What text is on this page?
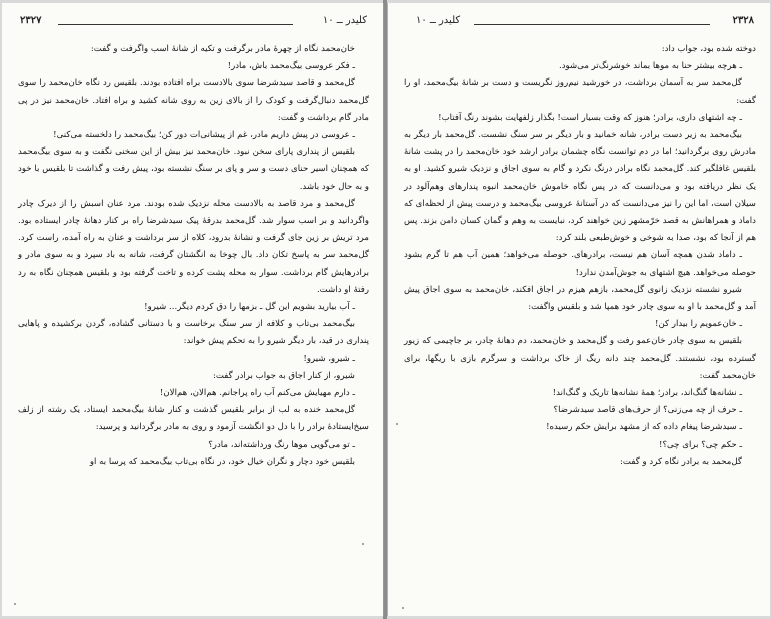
۲۳۲۷	کلیدر ــ ۱۰

خان‌محمد نگاه از چهرهٔ مادر برگرفت و تکیه از شانهٔ اسب واگرفت و گفت:

ـ فکر عروسی بیگ‌محمد باش، مادر!

گل‌محمد و قاصد سیدشرضا سوی بالادست براه افتاده بودند. بلقیس رد نگاه خان‌محمد را سوی گل‌محمد دنبال‌گرفت و کودک را از بالای زین به روی شانه کشید و براه افتاد. خان‌محمد نیز در پی مادر گام برداشت و گفت:

ـ عروسی در پیش داریم مادر، غم از پیشانی‌ات دور کن؛ بیگ‌محمد را دلخسته می‌کنی!

بلقیس از پنداری پارای سخن نبود. خان‌محمد نیز بیش از این سخنی نگفت و به سوی بیگ‌محمد که همچنان اسیر حنای دست و سر و پای بر سنگ نشسته بود، پیش رفت و گذاشت تا بلقیس با خود و به حال خود باشد.

گل‌محمد و مرد قاصد به بالادست محله نزدیک شده بودند. مرد عنان اسبش را از دیرک چادر واگردانید و بر اسب سوار شد. گل‌محمد بدرقهٔ پیک سیدشرضا راه بر کنار دهانهٔ چادر ایستاده بود. مرد تریش بر زین جای گرفت و نشانهٔ بدرود، کلاه از سر برداشت و عنان به راه آمده، راست کرد. گل‌محمد سر به پاسخ تکان داد. بال چوخا به انگشتان گرفت، شانه به باد سپرد و به سوی مادر و برادرهایش گام برداشت. سوار به محله پشت کرده و تاخت گرفته بود و بلقیس همچنان نگاه به رد رفتهٔ او داشت.

ـ آب بیارید بشویم این گل ـ بزمها را دق کردم دیگر... شیرو!

بیگ‌محمد بی‌تاب و کلافه از سر سنگ برخاست و با دستانی گشاده، گردن برکشیده و پاهایی پنداری در قید، بار دیگر شیرو را به تحکم پیش خواند:

ـ شیرو، شیرو!

شیرو، از کنار اجاق به جواب برادر گفت:

ـ دارم مهیایش می‌کنم آب راه پرا‌جانم. هم‌الان، هم‌الان!

گل‌محمد خنده به لب از برابر بلقیس گذشت و کنار شانهٔ بیگ‌محمد ایستاد، یک رشته از زلف سیخ‌ایستادهٔ برادر را با دل دو انگشت آزمود و روی به مادر برگردانید و پرسید:

ـ تو می‌گویی موها رنگ ورداشته‌اند، مادر؟

بلقیس خود دچار و نگران خیال خود، در نگاه بی‌تاب بیگ‌محمد که پرسا به او

کلیدر ــ ۱۰	۲۳۲۸

دوخته شده بود، جواب داد:

ـ هرچه بیشتر حنا به موها بماند خوشرنگ‌تر می‌شود.

گل‌محمد سر به آسمان برداشت، در خورشید نیم‌روز نگریست و دست بر شانهٔ بیگ‌محمد، او را گفت:

ـ چه اشتهای داری، برادر؛ هنوز که وقت بسیار است! بگذار زلفهایت بشوند رنگ آفتاب!

بیگ‌محمد به زیر دست برادر، شانه خمانید و بار دیگر بر سر سنگ نشست. گل‌محمد بار دیگر به مادرش روی برگردانید؛ اما در دم توانست نگاه چشمان برادر ارشد خود خان‌محمد را در پشت شانهٔ بلقیس غافلگیر کند. گل‌محمد نگاه برادر درنگ نکرد و گام به سوی اجاق و نزدیک شیرو کشید. او به یک نظر دریافته بود و می‌دانست که در پس نگاه خاموش خان‌محمد انبوه پندارهای وهم‌آلود در سیلان است، اما این را نیز می‌دانست که در آستانهٔ عروسی بیگ‌محمد و درست پیش از لحظه‌ای که داماد و همراهانش به قصد خرّمشهر زین خواهند کرد، نبایست به وهم و گمان کسان دامن بزند. پس هم از آنجا که بود، صدا به شوخی و خوش‌طبعی بلند کرد:

ـ داماد شدن همچه آسان هم نیست، برادرهای. حوصله می‌خواهد؛ همین آب هم تا گرم بشود حوصله می‌خواهد. هیچ اشتهای به جوش‌آمدن ندارد!

شیرو نشسته نزدیک زانوی گل‌محمد، بازهم هیزم در اجاق افکند، خان‌محمد به سوی اجاق پیش آمد و گل‌محمد با او به سوی چادر خود همپا شد و بلقیس واگفت:

ـ خان‌عمویم را بیدار کن!

بلقیس به سوی چادر خان‌عمو رفت و گل‌محمد و خان‌محمد، دم دهانهٔ چادر، بر جاچیمی که زیور گسترده بود، نشستند. گل‌محمد چند دانه ریگ از خاک برداشت و سرگرم بازی با ریگها، برای خان‌محمد گفت:

ـ نشانه‌ها گنگ‌اند، برادر؛ همهٔ نشانه‌ها تاریک و گنگ‌اند!

ـ حرف از چه می‌زنی؟ از حرف‌های قاصد سیدشرضا؟

ـ سیدشرضا پیغام داده که از مشهد برایش حکم رسیده!

ـ حکم چی؟ برای چی؟!

گل‌محمد به برادر نگاه کرد و گفت:
